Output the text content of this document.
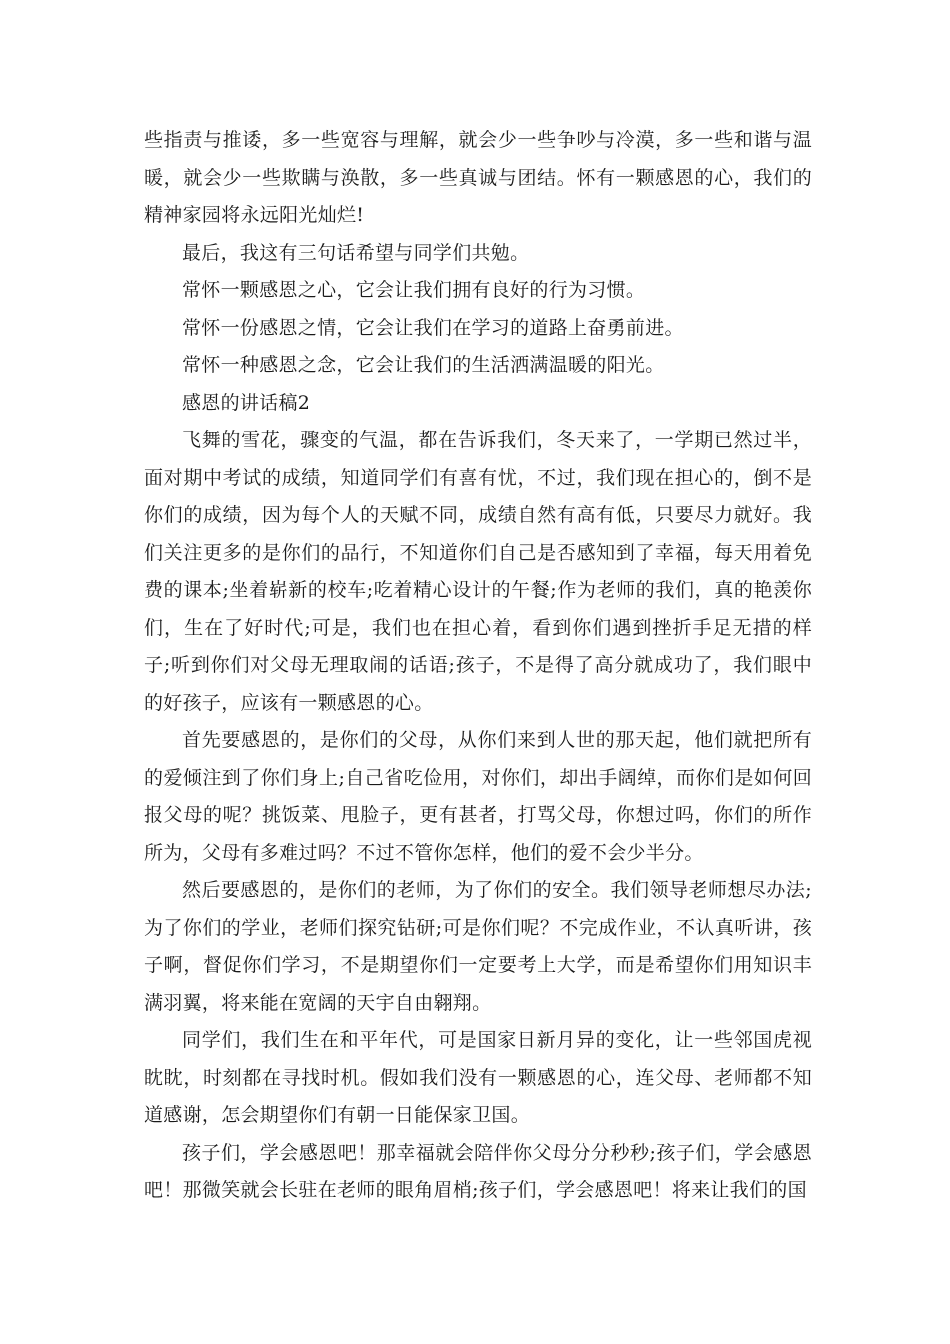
些指责与推诿，多一些宽容与理解，就会少一些争吵与冷漠，多一些和谐与温暖，就会少一些欺瞒与涣散，多一些真诚与团结。怀有一颗感恩的心，我们的精神家园将永远阳光灿烂!

最后，我这有三句话希望与同学们共勉。

常怀一颗感恩之心，它会让我们拥有良好的行为习惯。

常怀一份感恩之情，它会让我们在学习的道路上奋勇前进。

常怀一种感恩之念，它会让我们的生活洒满温暖的阳光。

感恩的讲话稿2

飞舞的雪花，骤变的气温，都在告诉我们，冬天来了，一学期已然过半，面对期中考试的成绩，知道同学们有喜有忧，不过，我们现在担心的，倒不是你们的成绩，因为每个人的天赋不同，成绩自然有高有低，只要尽力就好。我们关注更多的是你们的品行，不知道你们自己是否感知到了幸福，每天用着免费的课本;坐着崭新的校车;吃着精心设计的午餐;作为老师的我们，真的艳羡你们，生在了好时代;可是，我们也在担心着，看到你们遇到挫折手足无措的样子;听到你们对父母无理取闹的话语;孩子，不是得了高分就成功了，我们眼中的好孩子，应该有一颗感恩的心。

首先要感恩的，是你们的父母，从你们来到人世的那天起，他们就把所有的爱倾注到了你们身上;自己省吃俭用，对你们，却出手阔绰，而你们是如何回报父母的呢？挑饭菜、甩脸子，更有甚者，打骂父母，你想过吗，你们的所作所为，父母有多难过吗？不过不管你怎样，他们的爱不会少半分。

然后要感恩的，是你们的老师，为了你们的安全。我们领导老师想尽办法;为了你们的学业，老师们探究钻研;可是你们呢？不完成作业，不认真听讲，孩子啊，督促你们学习，不是期望你们一定要考上大学，而是希望你们用知识丰满羽翼，将来能在宽阔的天宇自由翱翔。

同学们，我们生在和平年代，可是国家日新月异的变化，让一些邻国虎视眈眈，时刻都在寻找时机。假如我们没有一颗感恩的心，连父母、老师都不知道感谢，怎会期望你们有朝一日能保家卫国。

孩子们，学会感恩吧！那幸福就会陪伴你父母分分秒秒;孩子们，学会感恩吧！那微笑就会长驻在老师的眼角眉梢;孩子们，学会感恩吧！将来让我们的国
